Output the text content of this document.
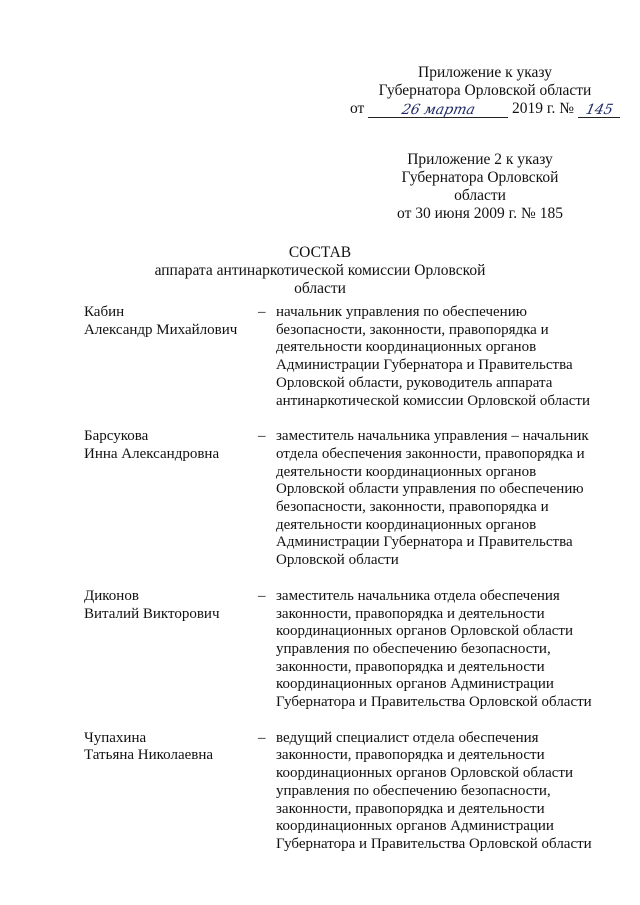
Приложение к указу
Губернатора Орловской области
от	26 марта	2019 г. № 145
Приложение 2 к указу
Губернатора Орловской области
от 30 июня 2009 г. № 185
СОСТАВ
аппарата антинаркотической комиссии Орловской области
Кабин
Александр Михайлович
– начальник управления по обеспечению
безопасности, законности, правопорядка и
деятельности координационных органов
Администрации Губернатора и Правительства
Орловской области, руководитель аппарата
антинаркотической комиссии Орловской области
Барсукова
Инна Александровна
– заместитель начальника управления – начальник
отдела обеспечения законности, правопорядка и
деятельности координационных органов
Орловской области управления по обеспечению
безопасности, законности, правопорядка и
деятельности координационных органов
Администрации Губернатора и Правительства
Орловской области
Диконов
Виталий Викторович
– заместитель начальника отдела обеспечения
законности, правопорядка и деятельности
координационных органов Орловской области
управления по обеспечению безопасности,
законности, правопорядка и деятельности
координационных органов Администрации
Губернатора и Правительства Орловской области
Чупахина
Татьяна Николаевна
– ведущий специалист отдела обеспечения
законности, правопорядка и деятельности
координационных органов Орловской области
управления по обеспечению безопасности,
законности, правопорядка и деятельности
координационных органов Администрации
Губернатора и Правительства Орловской области
